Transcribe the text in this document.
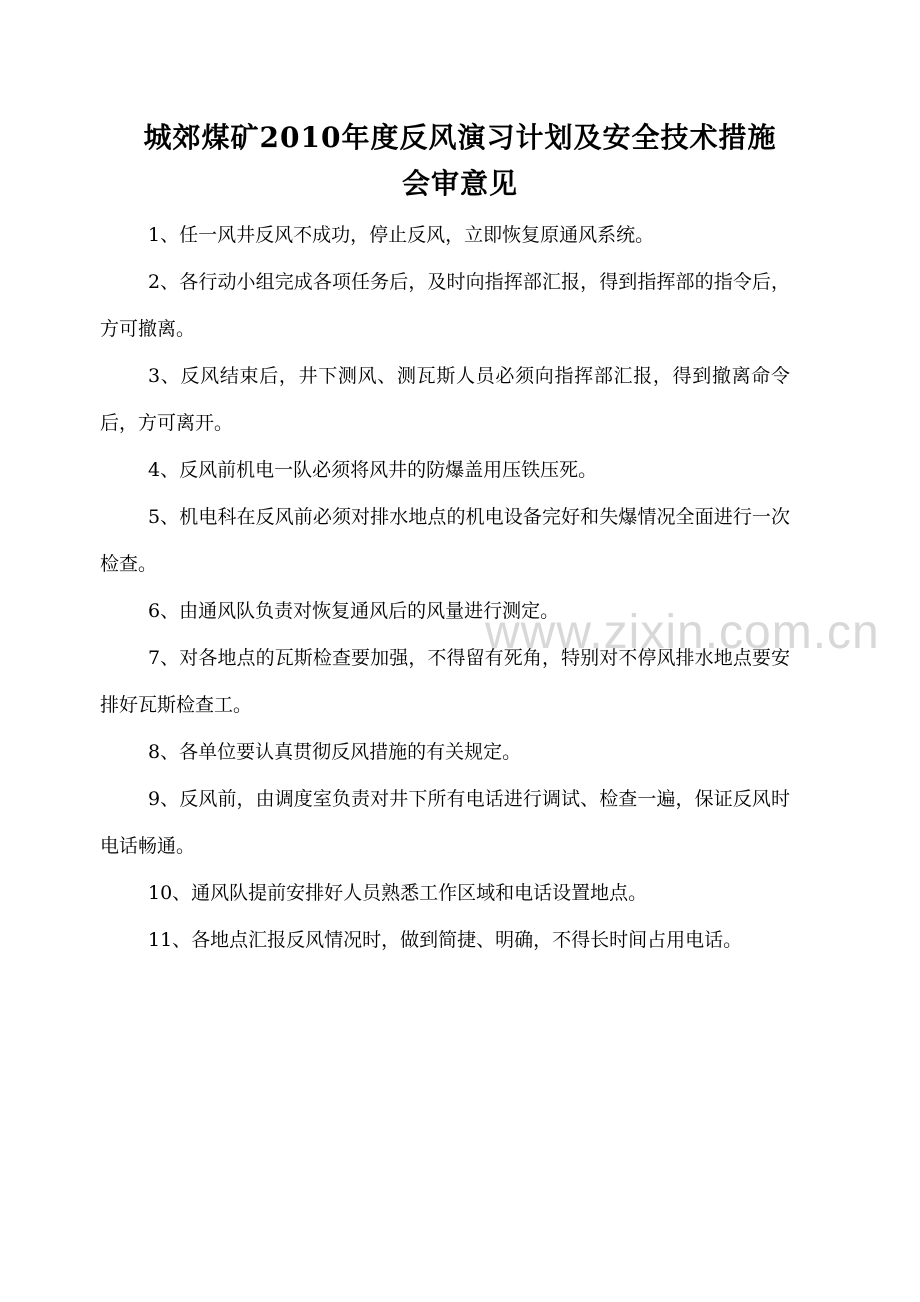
城郊煤矿2010年度反风演习计划及安全技术措施
会审意见

1、任一风井反风不成功，停止反风，立即恢复原通风系统。

2、各行动小组完成各项任务后，及时向指挥部汇报，得到指挥部的指令后，方可撤离。

3、反风结束后，井下测风、测瓦斯人员必须向指挥部汇报，得到撤离命令后，方可离开。

4、反风前机电一队必须将风井的防爆盖用压铁压死。

5、机电科在反风前必须对排水地点的机电设备完好和失爆情况全面进行一次检查。

6、由通风队负责对恢复通风后的风量进行测定。

7、对各地点的瓦斯检查要加强，不得留有死角，特别对不停风排水地点要安排好瓦斯检查工。

8、各单位要认真贯彻反风措施的有关规定。

9、反风前，由调度室负责对井下所有电话进行调试、检查一遍，保证反风时电话畅通。

10、通风队提前安排好人员熟悉工作区域和电话设置地点。

11、各地点汇报反风情况时，做到简捷、明确，不得长时间占用电话。

www.zixin.com.cn
